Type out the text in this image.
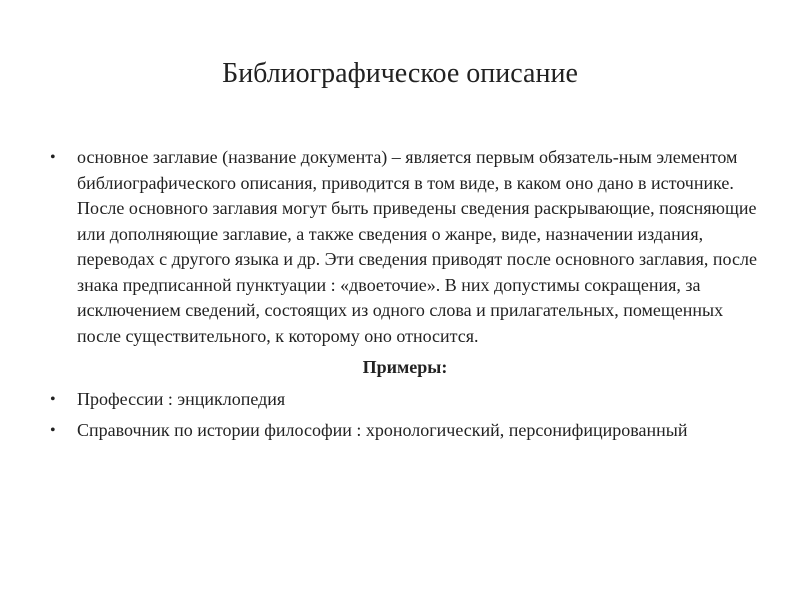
Библиографическое описание
•	основное заглавие (название документа) – является первым обязатель-ным элементом библиографического описания, приводится в том виде, в каком оно дано в источнике. После основного заглавия могут быть приведены сведения раскрывающие, поясняющие или дополняющие заглавие, а также сведения о жанре, виде, назначении издания, переводах с другого языка и др. Эти сведения приводят после основного заглавия, после знака предписанной пунктуации : «двоеточие». В них допустимы сокращения, за исключением сведений, состоящих из одного слова и прилагательных, помещенных после существительного, к которому оно относится.
Примеры:
•	Профессии : энциклопедия
•	Справочник по истории философии : хронологический, персонифицированный
